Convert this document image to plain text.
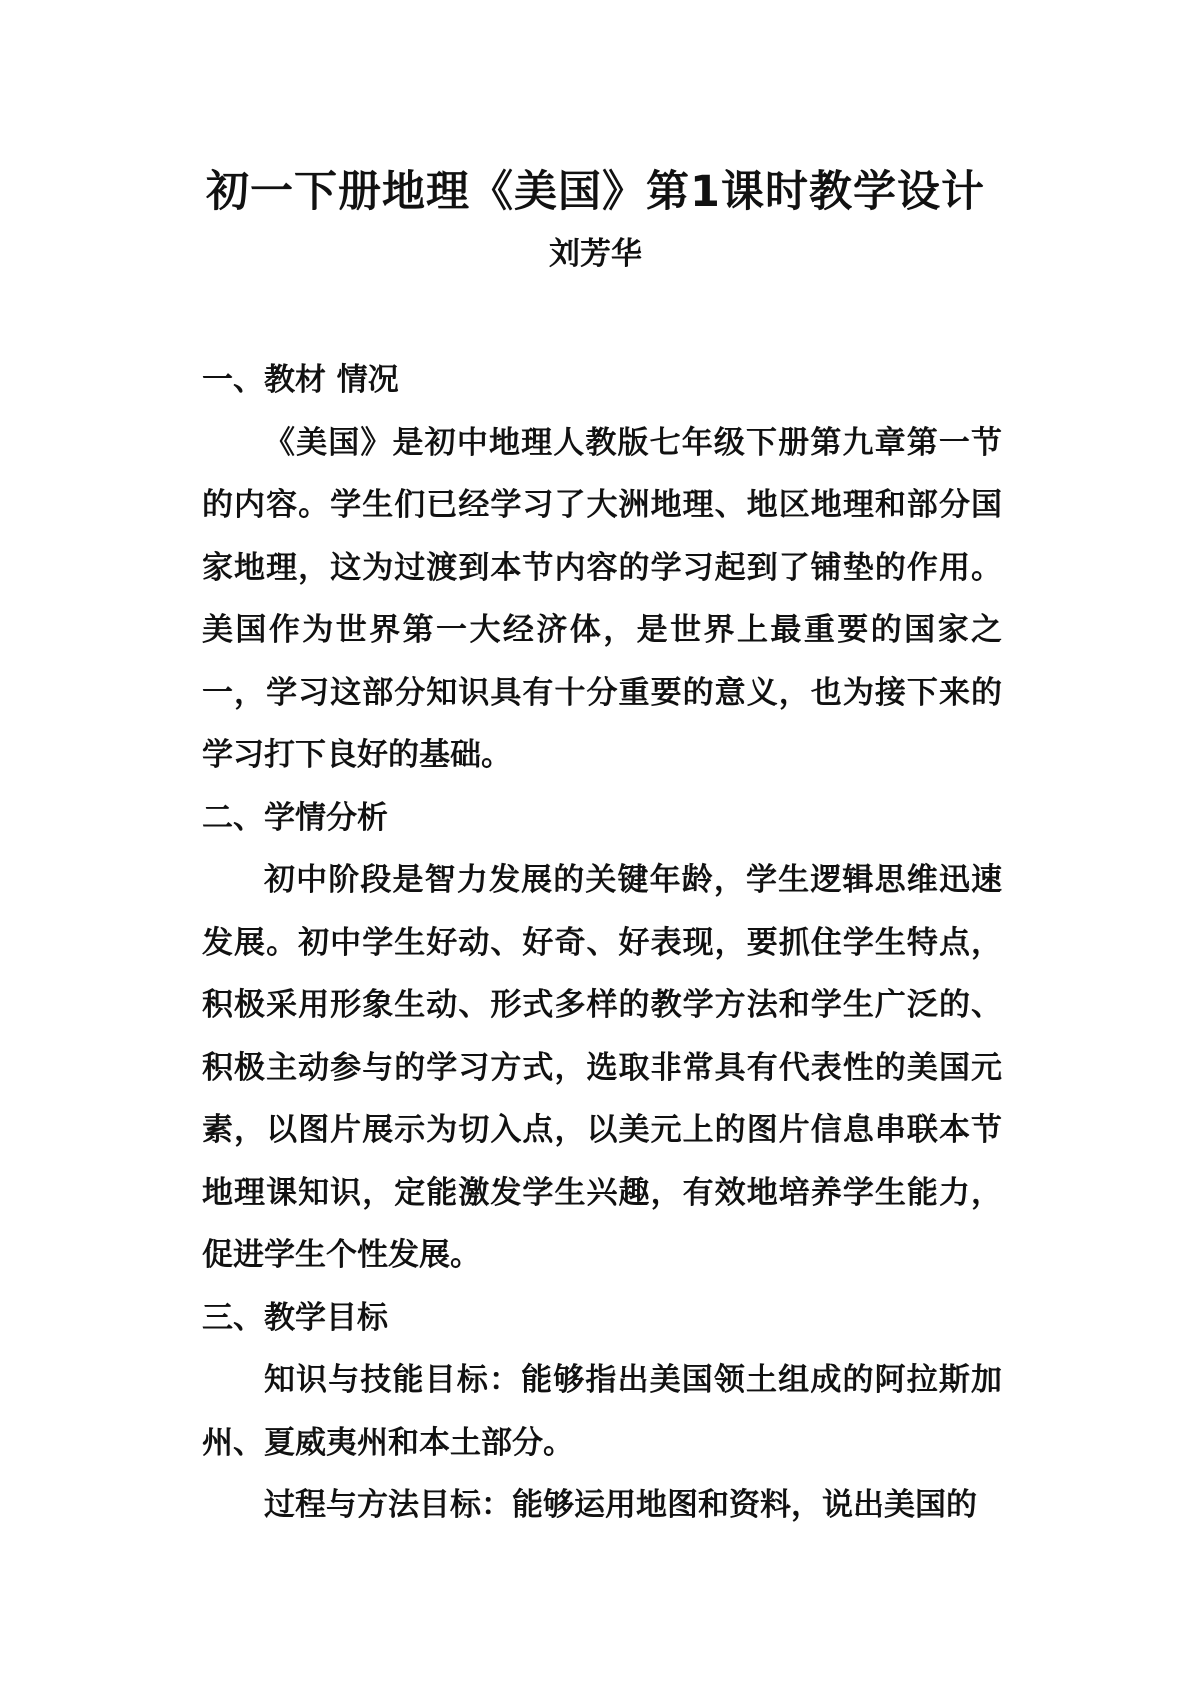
初一下册地理《美国》第1课时教学设计
刘芳华

一、教材 情况

《美国》是初中地理人教版七年级下册第九章第一节的内容。学生们已经学习了大洲地理、地区地理和部分国家地理，这为过渡到本节内容的学习起到了铺垫的作用。美国作为世界第一大经济体，是世界上最重要的国家之一，学习这部分知识具有十分重要的意义，也为接下来的学习打下良好的基础。

二、学情分析

初中阶段是智力发展的关键年龄，学生逻辑思维迅速发展。初中学生好动、好奇、好表现，要抓住学生特点，积极采用形象生动、形式多样的教学方法和学生广泛的、积极主动参与的学习方式，选取非常具有代表性的美国元素，以图片展示为切入点，以美元上的图片信息串联本节地理课知识，定能激发学生兴趣，有效地培养学生能力，促进学生个性发展。

三、教学目标

知识与技能目标：能够指出美国领土组成的阿拉斯加州、夏威夷州和本土部分。

过程与方法目标：能够运用地图和资料，说出美国的
